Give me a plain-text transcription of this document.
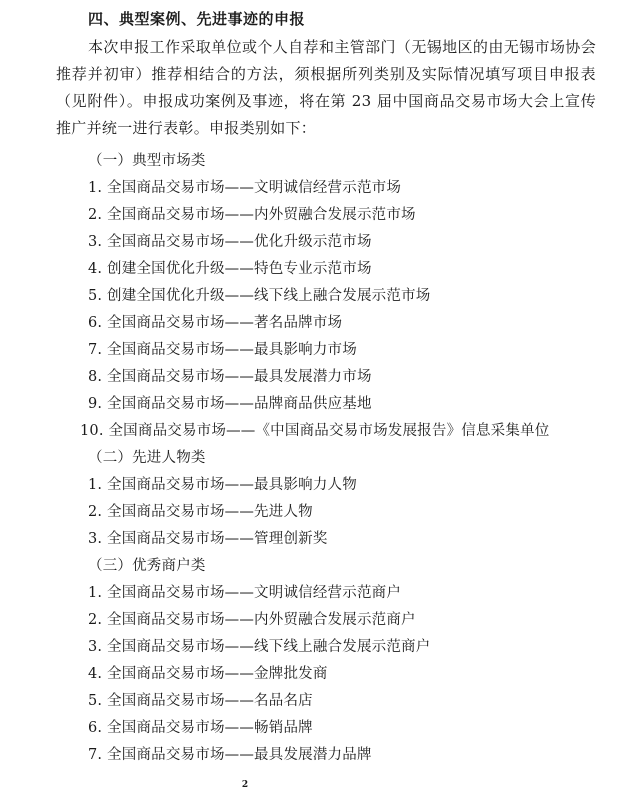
四、典型案例、先进事迹的申报
本次申报工作采取单位或个人自荐和主管部门（无锡地区的由无锡市场协会推荐并初审）推荐相结合的方法，须根据所列类别及实际情况填写项目申报表（见附件）。申报成功案例及事迹，将在第 23 届中国商品交易市场大会上宣传推广并统一进行表彰。申报类别如下：
（一）典型市场类
1. 全国商品交易市场——文明诚信经营示范市场
2. 全国商品交易市场——内外贸融合发展示范市场
3. 全国商品交易市场——优化升级示范市场
4. 创建全国优化升级——特色专业示范市场
5. 创建全国优化升级——线下线上融合发展示范市场
6. 全国商品交易市场——著名品牌市场
7. 全国商品交易市场——最具影响力市场
8. 全国商品交易市场——最具发展潜力市场
9. 全国商品交易市场——品牌商品供应基地
10. 全国商品交易市场——《中国商品交易市场发展报告》信息采集单位
（二）先进人物类
1. 全国商品交易市场——最具影响力人物
2. 全国商品交易市场——先进人物
3. 全国商品交易市场——管理创新奖
（三）优秀商户类
1. 全国商品交易市场——文明诚信经营示范商户
2. 全国商品交易市场——内外贸融合发展示范商户
3. 全国商品交易市场——线下线上融合发展示范商户
4. 全国商品交易市场——金牌批发商
5. 全国商品交易市场——名品名店
6. 全国商品交易市场——畅销品牌
7. 全国商品交易市场——最具发展潜力品牌
2
